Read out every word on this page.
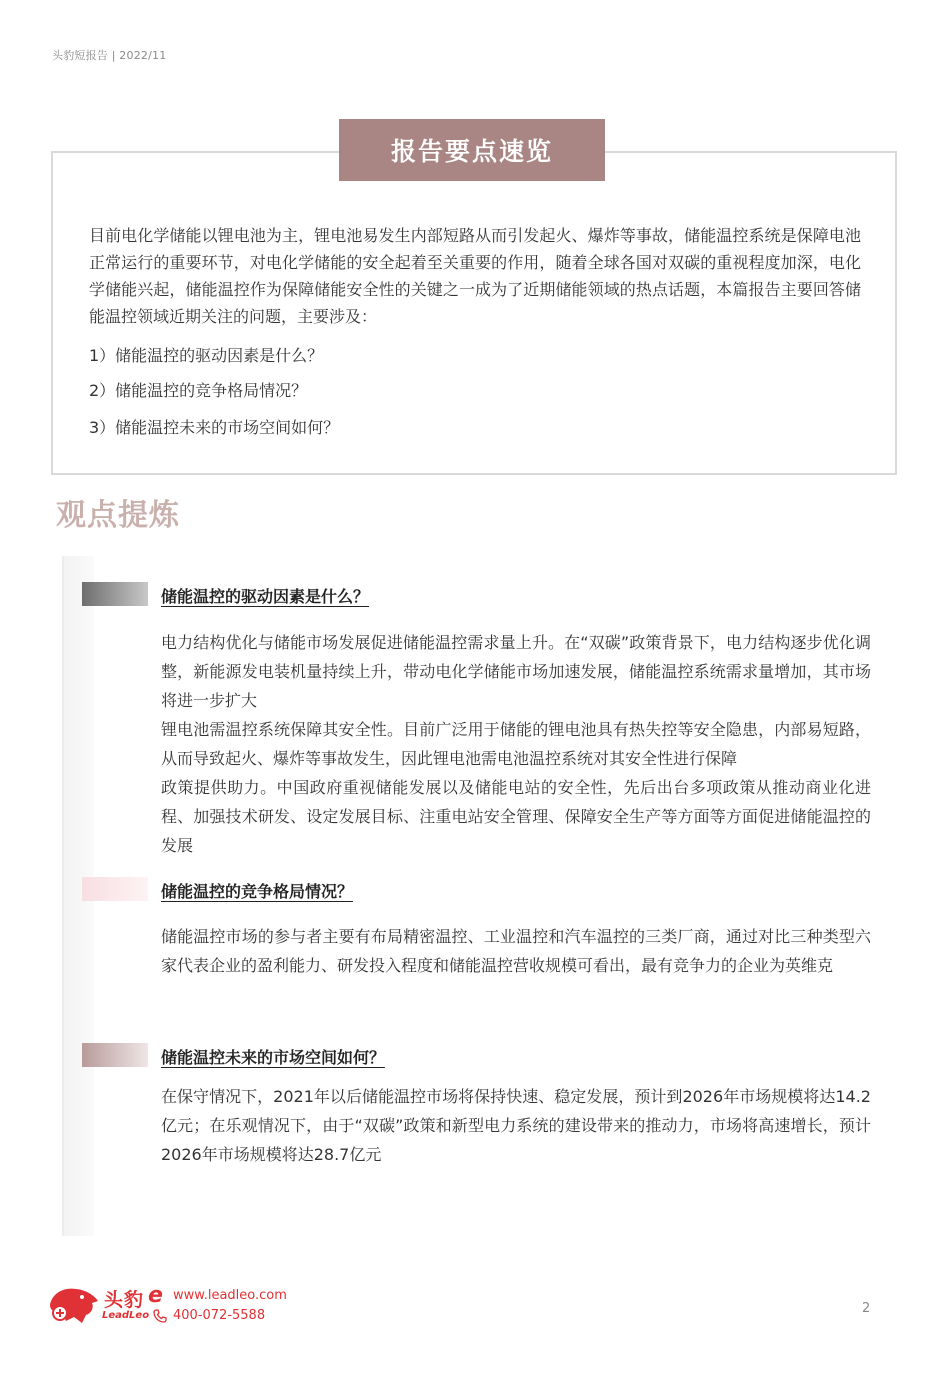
头豹短报告 | 2022/11
报告要点速览
目前电化学储能以锂电池为主，锂电池易发生内部短路从而引发起火、爆炸等事故，储能温控系统是保障电池正常运行的重要环节，对电化学储能的安全起着至关重要的作用，随着全球各国对双碳的重视程度加深，电化学储能兴起，储能温控作为保障储能安全性的关键之一成为了近期储能领域的热点话题，本篇报告主要回答储能温控领域近期关注的问题，主要涉及：
1）储能温控的驱动因素是什么？
2）储能温控的竞争格局情况？
3）储能温控未来的市场空间如何？
观点提炼
储能温控的驱动因素是什么？

电力结构优化与储能市场发展促进储能温控需求量上升。在“双碳”政策背景下，电力结构逐步优化调整，新能源发电装机量持续上升，带动电化学储能市场加速发展，储能温控系统需求量增加，其市场将进一步扩大

锂电池需温控系统保障其安全性。目前广泛用于储能的锂电池具有热失控等安全隐患，内部易短路，从而导致起火、爆炸等事故发生，因此锂电池需电池温控系统对其安全性进行保障

政策提供助力。中国政府重视储能发展以及储能电站的安全性，先后出台多项政策从推动商业化进程、加强技术研发、设定发展目标、注重电站安全管理、保障安全生产等方面等方面促进储能温控的发展

储能温控的竞争格局情况？

储能温控市场的参与者主要有布局精密温控、工业温控和汽车温控的三类厂商，通过对比三种类型六家代表企业的盈利能力、研发投入程度和储能温控营收规模可看出，最有竞争力的企业为英维克

储能温控未来的市场空间如何？

在保守情况下，2021年以后储能温控市场将保持快速、稳定发展，预计到2026年市场规模将达14.2亿元；在乐观情况下，由于“双碳”政策和新型电力系统的建设带来的推动力，市场将高速增长，预计2026年市场规模将达28.7亿元

头豹
LeadLeo
e www.leadleo.com
400-072-5588	2
